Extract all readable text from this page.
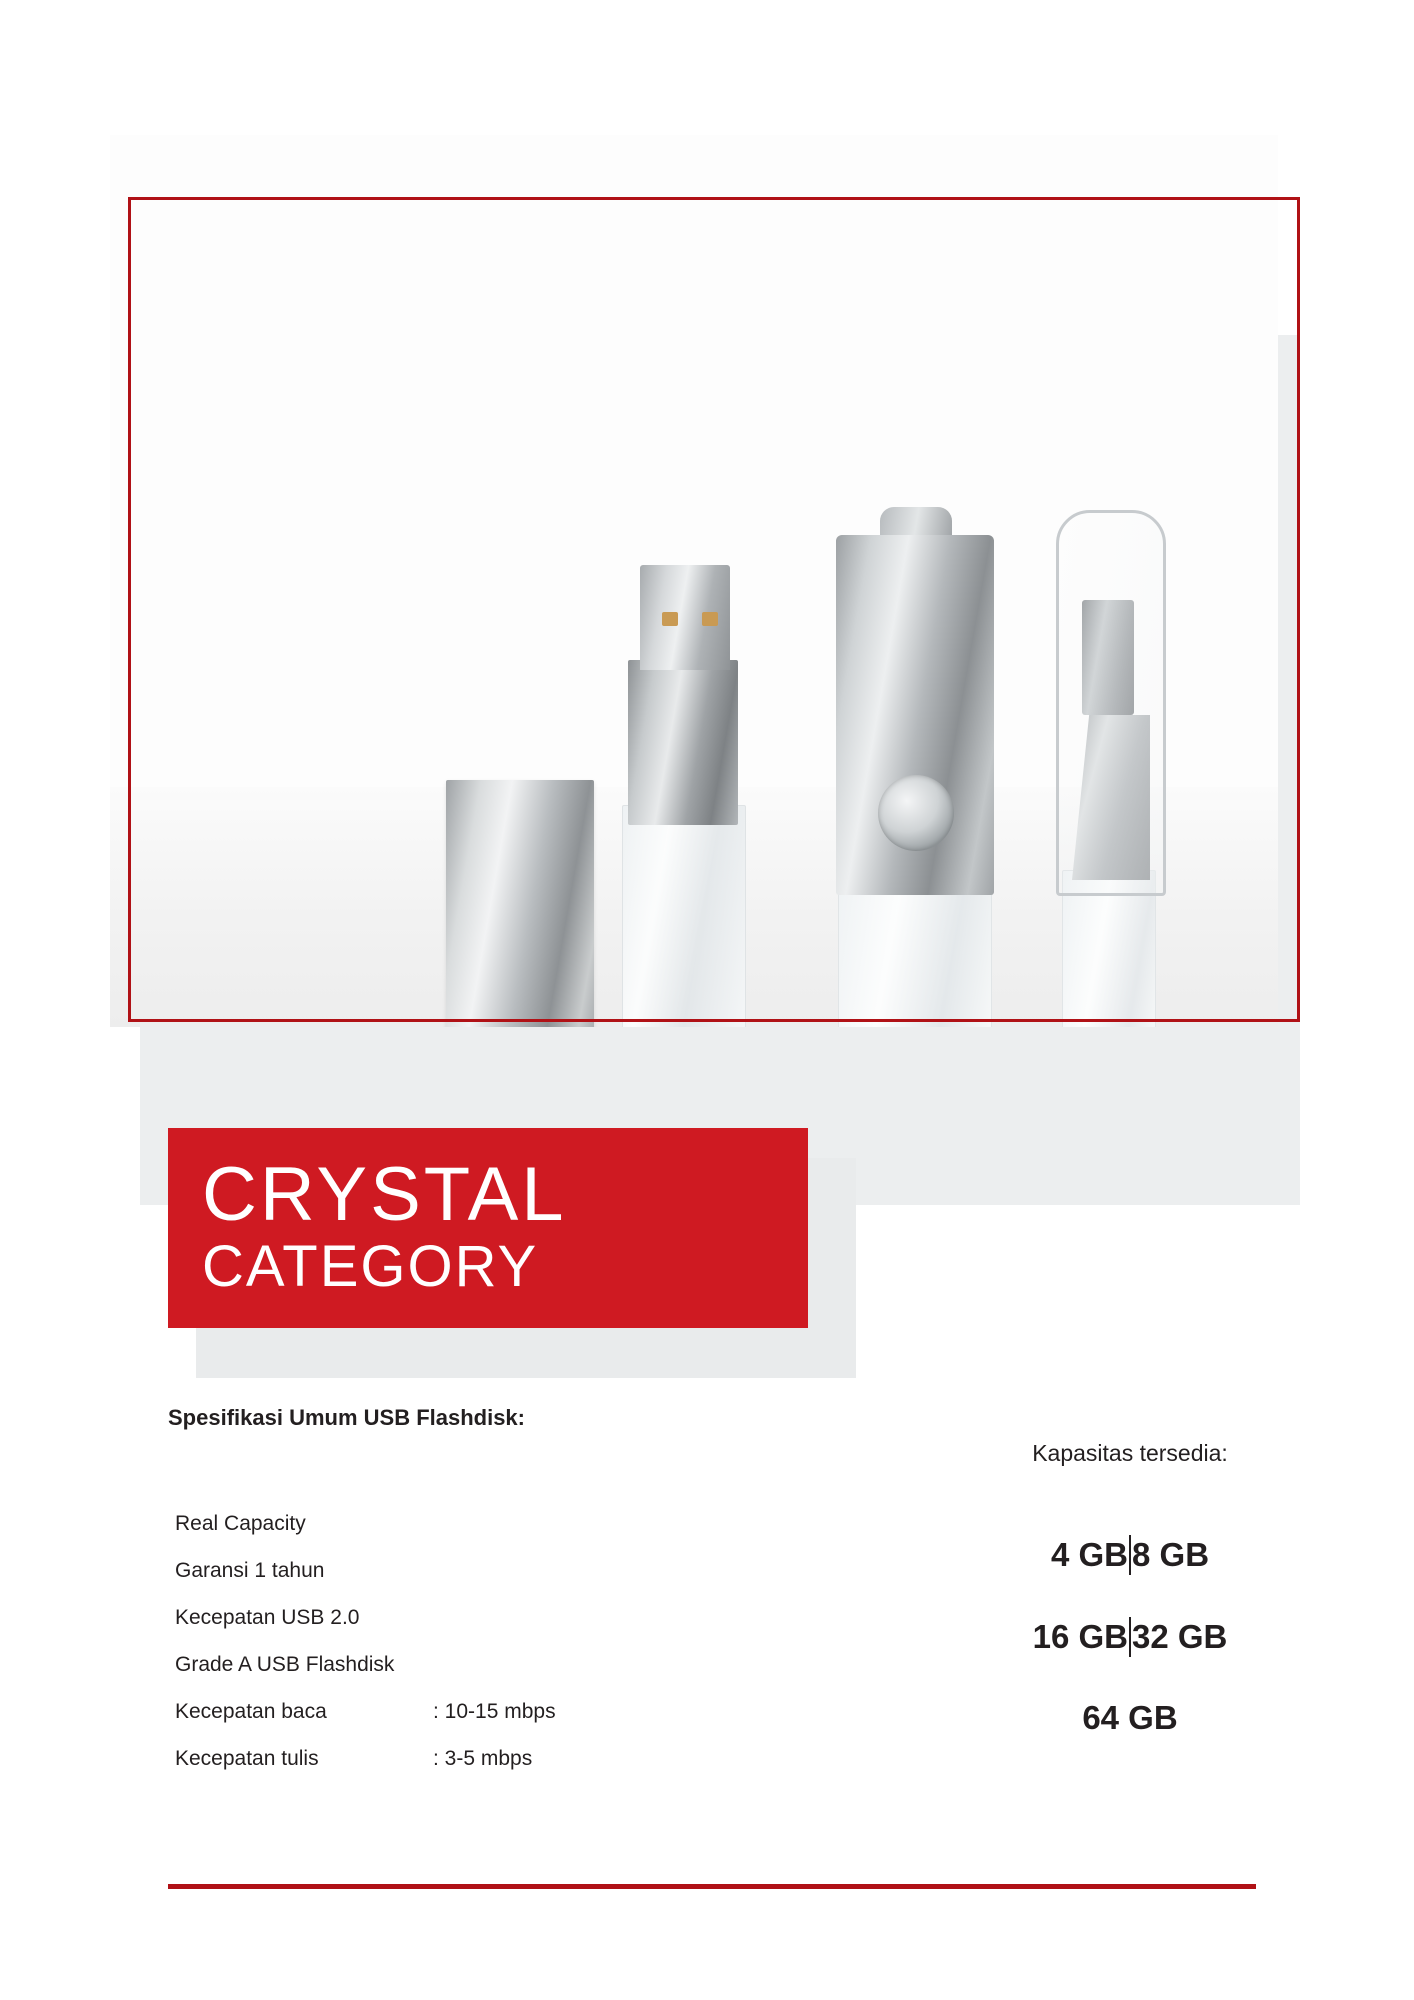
CRYSTAL
CATEGORY
Spesifikasi Umum USB Flashdisk:
Real Capacity
Garansi 1 tahun
Kecepatan USB 2.0
Grade A USB Flashdisk
Kecepatan baca	: 10-15 mbps
Kecepatan tulis	: 3-5 mbps
Kapasitas tersedia:
4 GB 8 GB
16 GB 32 GB
64 GB
